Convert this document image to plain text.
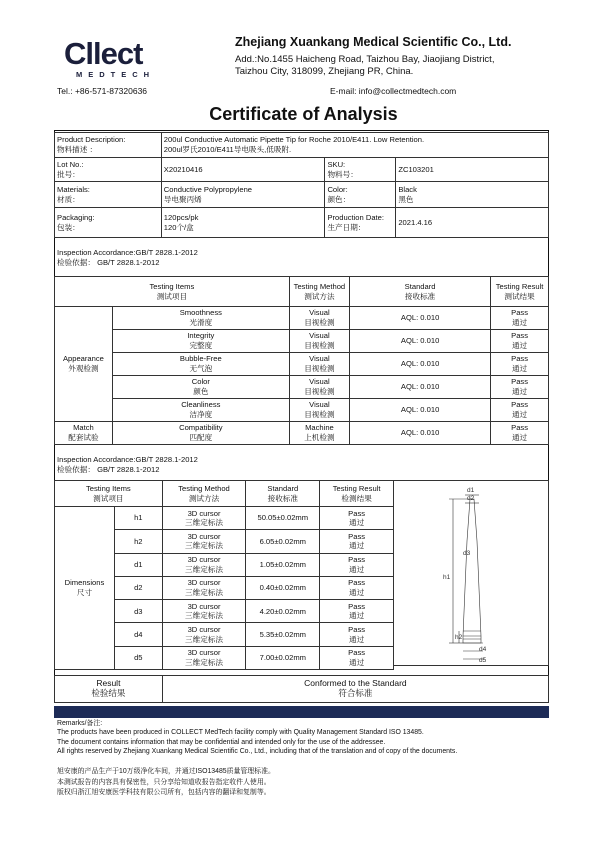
Cllect
MEDTECH
Zhejiang Xuankang Medical Scientific Co., Ltd.
Add.:No.1455 Haicheng Road, Taizhou Bay, Jiaojiang District,
Taizhou City, 318099, Zhejiang PR, China.
Tel.: +86-571-87320636	E-mail: info@collectmedtech.com
Certificate of Analysis
Product Description:
物料描述 ：	200ul Conductive Automatic Pipette Tip for Roche 2010/E411. Low Retention.
200ul罗氏2010/E411导电吸头,低吸附.		

Lot No.:
批号：	X20210416	SKU:
物料号：	ZC103201

Materials:
材质：	Conductive Polypropylene
导电聚丙烯	Color:
颜色：	Black
黑色

Packaging:
包装：	120pcs/pk
120个/盒	Production Date:
生产日期：	2021.4.16
Inspection Accordance:GB/T 2828.1-2012
检验依据： GB/T 2828.1-2012
Testing Items
测试项目		Testing Method
测试方法	Standard
接收标准	Testing Result
测试结果

Appearance
外观检测	Smoothness
光滑度	Visual
目视检测	AQL: 0.010	Pass
通过

	Integrity
完整度	Visual
目视检测	AQL: 0.010	Pass
通过

	Bubble-Free
无气泡	Visual
目视检测	AQL: 0.010	Pass
通过

	Color
颜色	Visual
目视检测	AQL: 0.010	Pass
通过

	Cleanliness
洁净度	Visual
目视检测	AQL: 0.010	Pass
通过

Match
配套试验	Compatibility
匹配度	Machine
上机检测	AQL: 0.010	Pass
通过
Inspection Accordance:GB/T 2828.1-2012
检验依据： GB/T 2828.1-2012
Testing Items
测试项目		Testing Method
测试方法	Standard
接收标准	Testing Result
检测结果

Dimensions
尺寸	h1	3D cursor
三维定标法	50.05±0.02mm	Pass
通过

	h2	3D cursor
三维定标法	6.05±0.02mm	Pass
通过

	d1	3D cursor
三维定标法	1.05±0.02mm	Pass
通过

	d2	3D cursor
三维定标法	0.40±0.02mm	Pass
通过

	d3	3D cursor
三维定标法	4.20±0.02mm	Pass
通过

	d4	3D cursor
三维定标法	5.35±0.02mm	Pass
通过

	d5	3D cursor
三维定标法	7.00±0.02mm	Pass
通过
d1
d2
d3
h1
h2
d4
d5
Result
检验结果

Conformed to the Standard
符合标准
Remarks/备注:
The products have been produced in COLLECT MedTech facility comply with Quality Management Standard ISO 13485.
The document contains information that may be confidential and intended only for the use of the addressee.
All rights reserved by Zhejiang Xuankang Medical Scientific Co., Ltd., including that of the translation and of copy of the documents.
旭安康的产品生产于10万级净化车间，并通过ISO13485质量管理标准。
本测试报告的内容具有保密性，只分享给知道收报告指定收件人使用。
版权归浙江旭安康医学科技有限公司所有，包括内容的翻译和复制等。
